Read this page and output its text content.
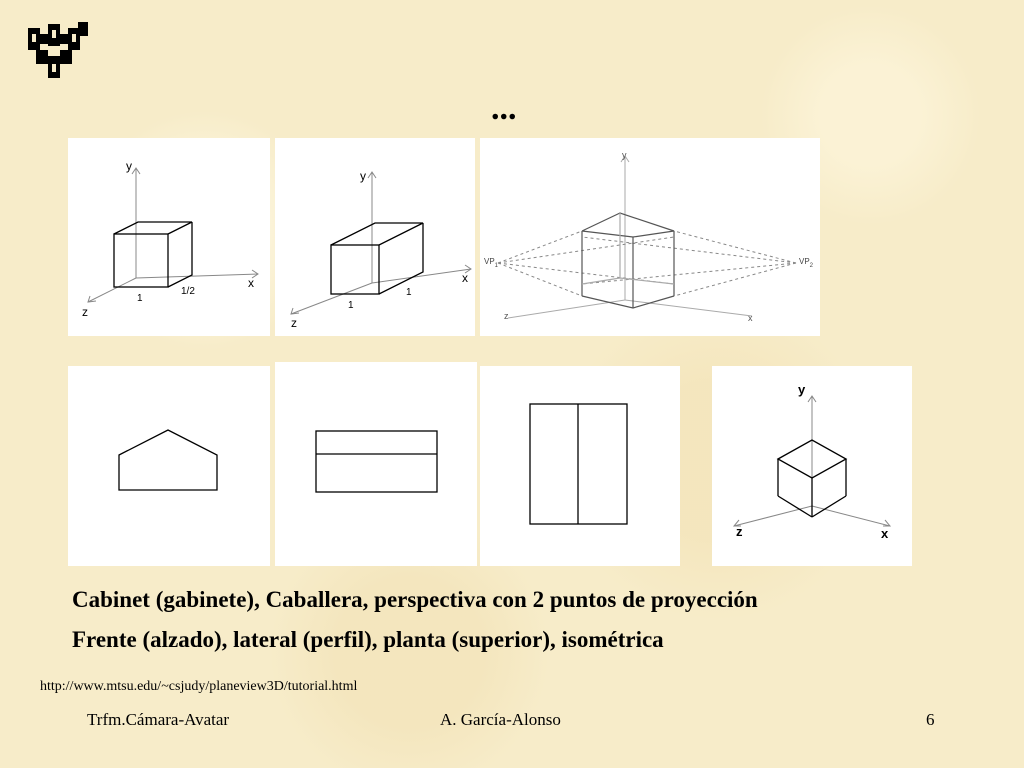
...
y
x
z
1
1/2
y
x
z
1
1
y
x
z
$VP_1$	$VP_2$
y
z	x
Cabinet (gabinete), Caballera, perspectiva con 2 puntos de proyección
Frente (alzado), lateral (perfil), planta (superior), isométrica
http://www.mtsu.edu/~csjudy/planeview3D/tutorial.html
Trfm.Cámara-Avatar	A. García-Alonso	6
